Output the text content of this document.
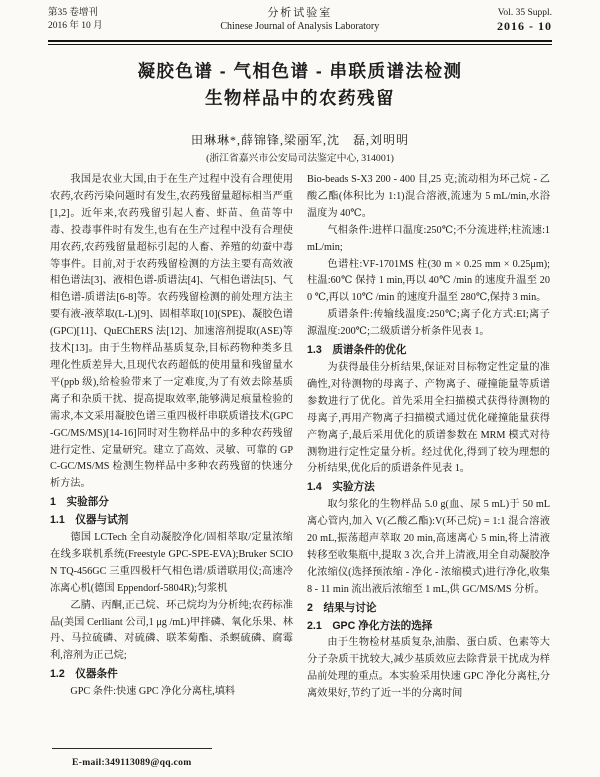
第35 卷增刊
2016 年 10 月
分析试验室
Chinese Journal of Analysis Laboratory
Vol. 35 Suppl.
2016 - 10
凝胶色谱 - 气相色谱 - 串联质谱法检测
生物样品中的农药残留
田琳琳*,薛锦锋,梁丽军,沈　磊,刘明明
(浙江省嘉兴市公安局司法鉴定中心, 314001)
我国是农业大国,由于在生产过程中没有合理使用农药,农药污染问题时有发生,农药残留量超标相当严重[1,2]。近年来,农药残留引起人畜、虾苗、鱼苗等中毒、投毒事件时有发生,也有在生产过程中没有合理使用农药,农药残留量超标引起的人畜、养殖的幼蚕中毒等事件。目前,对于农药残留检测的方法主要有高效液相色谱法[3]、液相色谱-质谱法[4]、气相色谱法[5]、气相色谱-质谱法[6-8]等。农药残留检测的前处理方法主要有液-液萃取(L-L)[9]、固相萃取[10](SPE)、凝胶色谱(GPC)[11]、QuEChERS 法[12]、加速溶剂提取(ASE)等技术[13]。由于生物样品基质复杂,目标药物种类多且理化性质差异大,且现代农药超低的使用量和残留量水平(ppb 级),给检验带来了一定难度,为了有效去除基质离子和杂质干扰、提高提取效率,能够满足痕量检验的需求,本文采用凝胶色谱三重四极杆串联质谱技术(GPC-GC/MS/MS)[14-16]同时对生物样品中的多种农药残留进行定性、定量研究。建立了高效、灵敏、可靠的 GPC-GC/MS/MS 检测生物样品中多种农药残留的快速分析方法。
1　实验部分
1.1　仪器与试剂
德国 LCTech 全自动凝胶净化/固相萃取/定量浓缩在线多联机系统(Freestyle GPC-SPE-EVA);Bruker SCION TQ-456GC 三重四极杆气相色谱/质谱联用仪;高速冷冻离心机(德国 Eppendorf-5804R);匀浆机
乙腈、丙酮,正己烷、环己烷均为分析纯;农药标准品(美国 Cerlliant 公司,1 μg /mL)甲拌磷、氧化乐果、林丹、马拉硫磷、对硫磷、联苯菊酯、杀螟硫磷、腐霉利,溶剂为正己烷;
1.2　仪器条件
GPC 条件:快速 GPC 净化分离柱,填料
Bio-beads S-X3 200 - 400 目,25 克;流动相为环己烷 - 乙酸乙酯(体积比为 1:1)混合溶液,流速为 5 mL/min,水浴温度为 40℃。
气相条件:进样口温度:250℃;不分流进样;柱流速:1 mL/min;
色谱柱:VF-1701MS 柱(30 m × 0.25 mm × 0.25μm);柱温:60℃ 保持 1 min,再以 40℃ /min 的速度升温至 200 ℃,再以 10℃ /min 的速度升温至 280℃,保持 3 min。
质谱条件:传输线温度:250℃;离子化方式:EI;离子源温度:200℃;二级质谱分析条件见表 1。
1.3　质谱条件的优化
为获得最佳分析结果,保证对目标物定性定量的准确性,对待测物的母离子、产物离子、碰撞能量等质谱参数进行了优化。首先采用全扫描模式获得待测物的母离子,再用产物离子扫描模式通过优化碰撞能量获得产物离子,最后采用优化的质谱参数在 MRM 模式对待测物进行定性定量分析。经过优化,得到了较为理想的分析结果,优化后的质谱条件见表 1。
1.4　实验方法
取匀浆化的生物样品 5.0 g(血、尿 5 mL)于 50 mL 离心管内,加入 V(乙酸乙酯):V(环己烷) = 1:1 混合溶液 20 mL,振荡超声萃取 20 min,高速离心 5 min,将上清液转移至收集瓶中,提取 3 次,合并上清液,用全自动凝胶净化浓缩仪(选择预浓缩 - 净化 - 浓缩模式)进行净化,收集 8 - 11 min 流出液后浓缩至 1 mL,供 GC/MS/MS 分析。
2　结果与讨论
2.1　GPC 净化方法的选择
由于生物检材基质复杂,油脂、蛋白质、色素等大分子杂质干扰较大,减少基质效应去除背景干扰成为样品前处理的重点。本实验采用快速 GPC 净化分离柱,分离效果好,节约了近一半的分离时间
E-mail:349113089@qq.com
